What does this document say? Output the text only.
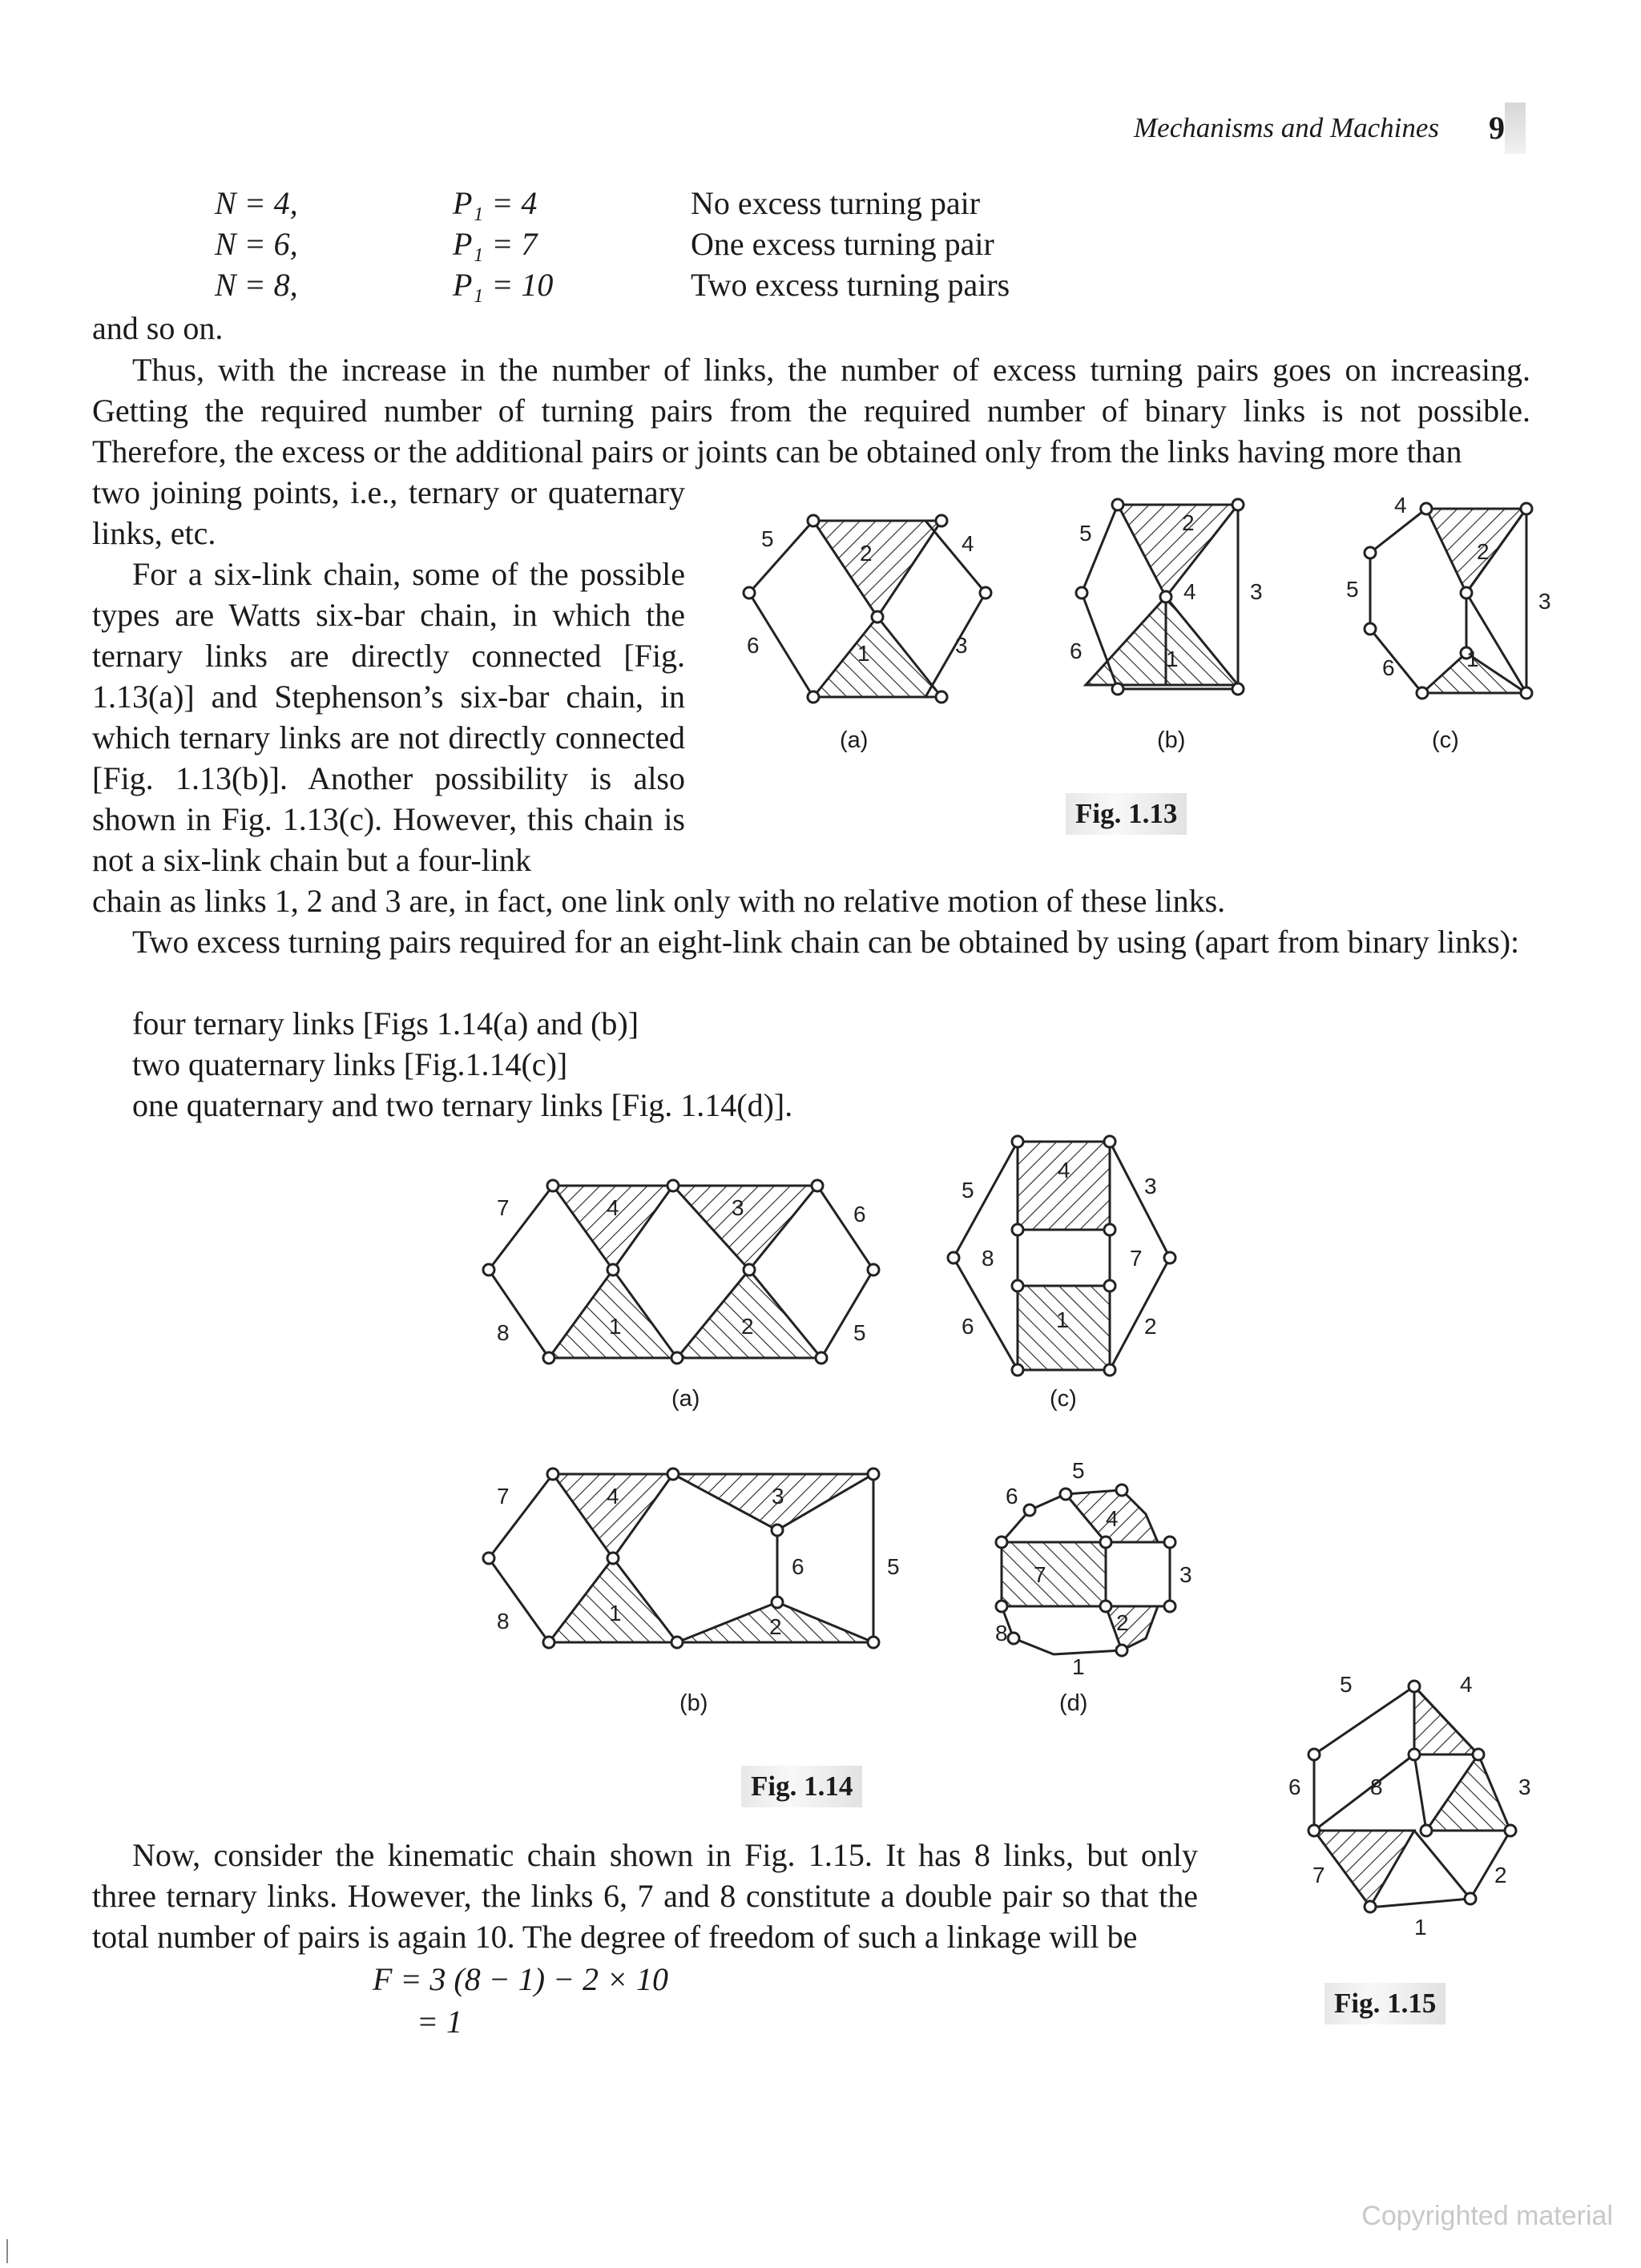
Mechanisms and Machines 9
N = 4,	P₁ = 4	No excess turning pair
N = 6,	P₁ = 7	One excess turning pair
N = 8,	P₁ = 10	Two excess turning pairs
and so on.
Thus, with the increase in the number of links, the number of excess turning pairs goes on increasing. Getting the required number of turning pairs from the required number of binary links is not possible. Therefore, the excess or the additional pairs or joints can be obtained only from the links having more than
two joining points, i.e., ternary or quaternary links, etc.
For a six-link chain, some of the possible types are Watts six-bar chain, in which the ternary links are directly connected [Fig. 1.13(a)] and Stephenson’s six-bar chain, in which ternary links are not directly connected [Fig. 1.13(b)]. Another possibility is also shown in Fig. 1.13(c). However, this chain is not a six-link chain but a four-link
chain as links 1, 2 and 3 are, in fact, one link only with no relative motion of these links.
Two excess turning pairs required for an eight-link chain can be obtained by using (apart from binary links):
four ternary links [Figs 1.14(a) and (b)]
two quaternary links [Fig.1.14(c)]
one quaternary and two ternary links [Fig. 1.14(d)].
Now, consider the kinematic chain shown in Fig. 1.15. It has 8 links, but only three ternary links. However, the links 6, 7 and 8 constitute a double pair so that the total number of pairs is again 10. The degree of freedom of such a linkage will be
F = 3 (8 − 1) − 2 × 10
= 1
5	4
2
6	3
1
5	2
4 3
6	1
4
2
5	3
6	1
(a)	(b)	(c)
Fig. 1.13
7	4	3	6
8	1	2	5
5
4
3
8	7
6	1	2
(a)	(c)
7	4	3
6	5
8	1
2
5
6
4
7	3
2
8
1
(b)	(d)
Fig. 1.14
5	4
6	8	3
7	2
1
Fig. 1.15
Copyrighted material
